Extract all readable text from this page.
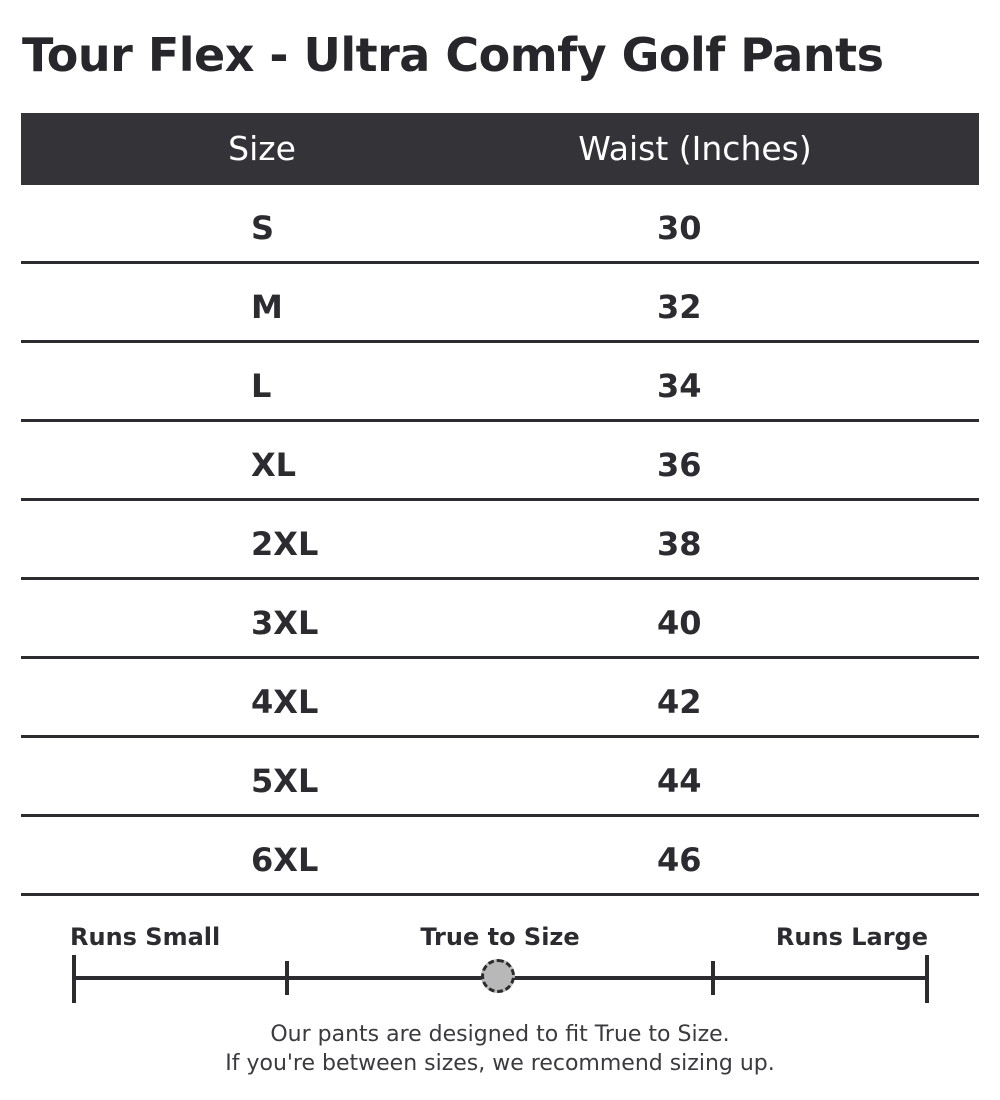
Tour Flex - Ultra Comfy Golf Pants
Size	Waist (Inches)
S	30
M	32
L	34
XL	36
2XL	38
3XL	40
4XL	42
5XL	44
6XL	46
Runs Small	True to Size	Runs Large
Our pants are designed to fit True to Size.
If you're between sizes, we recommend sizing up.
